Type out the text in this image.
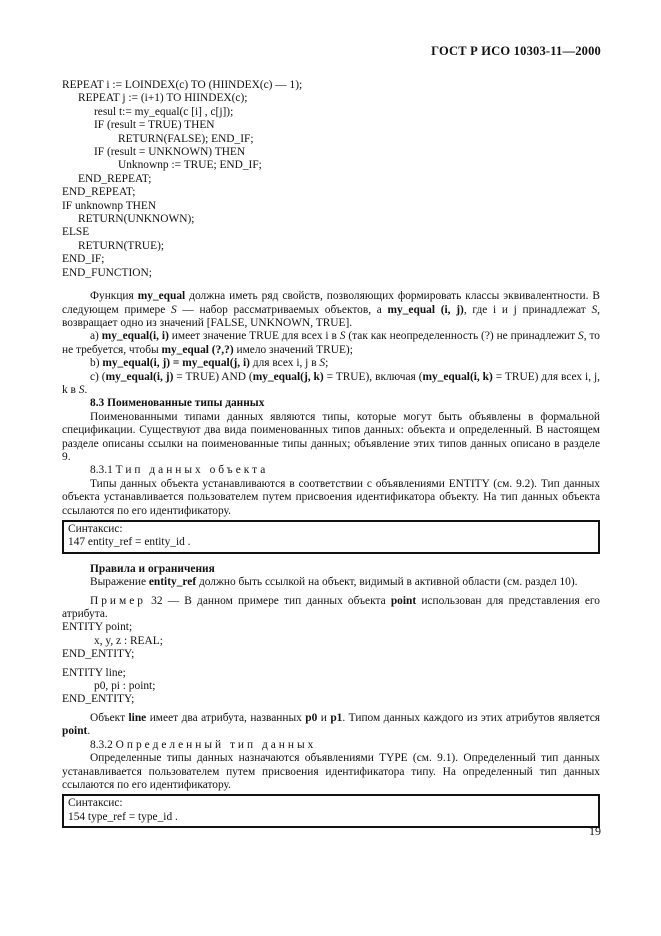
ГОСТ Р ИСО 10303-11—2000
REPEAT i := LOINDEX(c) TO (HIINDEX(c) — 1);
REPEAT j := (i+1) TO HIINDEX(c);
resul t:= my_equal(c [i] , c[j]);
IF (result = TRUE) THEN
RETURN(FALSE); END_IF;
IF (result = UNKNOWN) THEN
Unknownp := TRUE; END_IF;
END_REPEAT;
END_REPEAT;
IF unknownp THEN
RETURN(UNKNOWN);
ELSE
RETURN(TRUE);
END_IF;
END_FUNCTION;

Функция my_equal должна иметь ряд свойств, позволяющих формировать классы эквивалентности. В следующем примере S — набор рассматриваемых объектов, а my_equal (i, j), где i и j принадлежат S, возвращает одно из значений [FALSE, UNKNOWN, TRUE].

a) my_equal(i, i) имеет значение TRUE для всех i в S (так как неопределенность (?) не принадлежит S, то не требуется, чтобы my_equal (?,?) имело значений TRUE);

b) my_equal(i, j) = my_equal(j, i) для всех i, j в S;

c) (my_equal(i, j) = TRUE) AND (my_equal(j, k) = TRUE), включая (my_equal(i, k) = TRUE) для всех i, j, k в S.

8.3 Поименованные типы данных

Поименованными типами данных являются типы, которые могут быть объявлены в формальной спецификации. Существуют два вида поименованных типов данных: объекта и определенный. В настоящем разделе описаны ссылки на поименованные типы данных; объявление этих типов данных описано в разделе 9.

8.3.1 Тип данных объекта

Типы данных объекта устанавливаются в соответствии с объявлениями ENTITY (см. 9.2). Тип данных объекта устанавливается пользователем путем присвоения идентификатора объекту. На тип данных объекта ссылаются по его идентификатору.

Синтаксис:
147 entity_ref = entity_id .

Правила и ограничения

Выражение entity_ref должно быть ссылкой на объект, видимый в активной области (см. раздел 10).

Пример 32 — В данном примере тип данных объекта point использован для представления его атрибута.

ENTITY point;
x, y, z : REAL;
END_ENTITY;
ENTITY line;
p0, pi : point;
END_ENTITY;

Объект line имеет два атрибута, названных p0 и p1. Типом данных каждого из этих атрибутов является point.

8.3.2 Определенный тип данных

Определенные типы данных назначаются объявлениями TYPE (см. 9.1). Определенный тип данных устанавливается пользователем путем присвоения идентификатора типу. На определенный тип данных ссылаются по его идентификатору.

Синтаксис:
154 type_ref = type_id .
19
